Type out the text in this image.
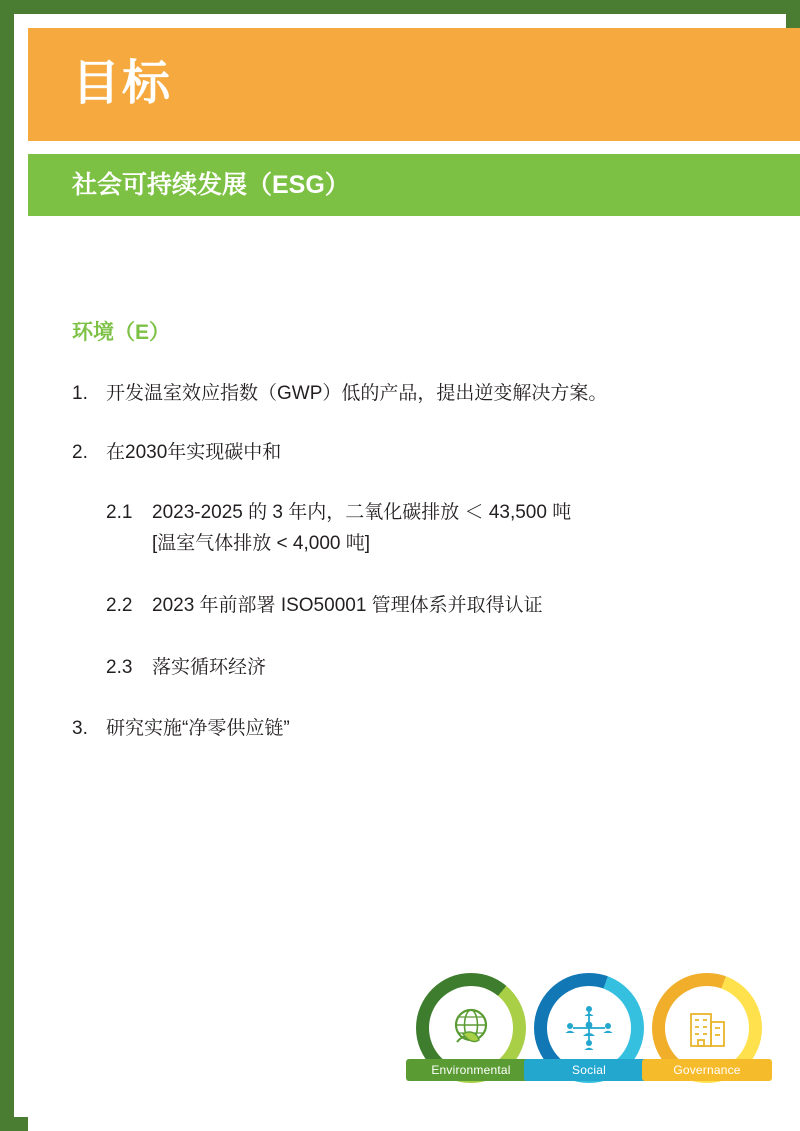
目标
社会可持续发展（ESG）
环境（E）
1. 开发温室效应指数（GWP）低的产品，提出逆变解决方案。
2. 在2030年实现碳中和
2.1	2023-2025 的 3 年内，二氧化碳排放 ＜ 43,500 吨
[温室气体排放 < 4,000 吨]
2.2	2023 年前部署 ISO50001 管理体系并取得认证
2.3	落实循环经济
3. 研究实施“净零供应链”
Environmental	Social	Governance
